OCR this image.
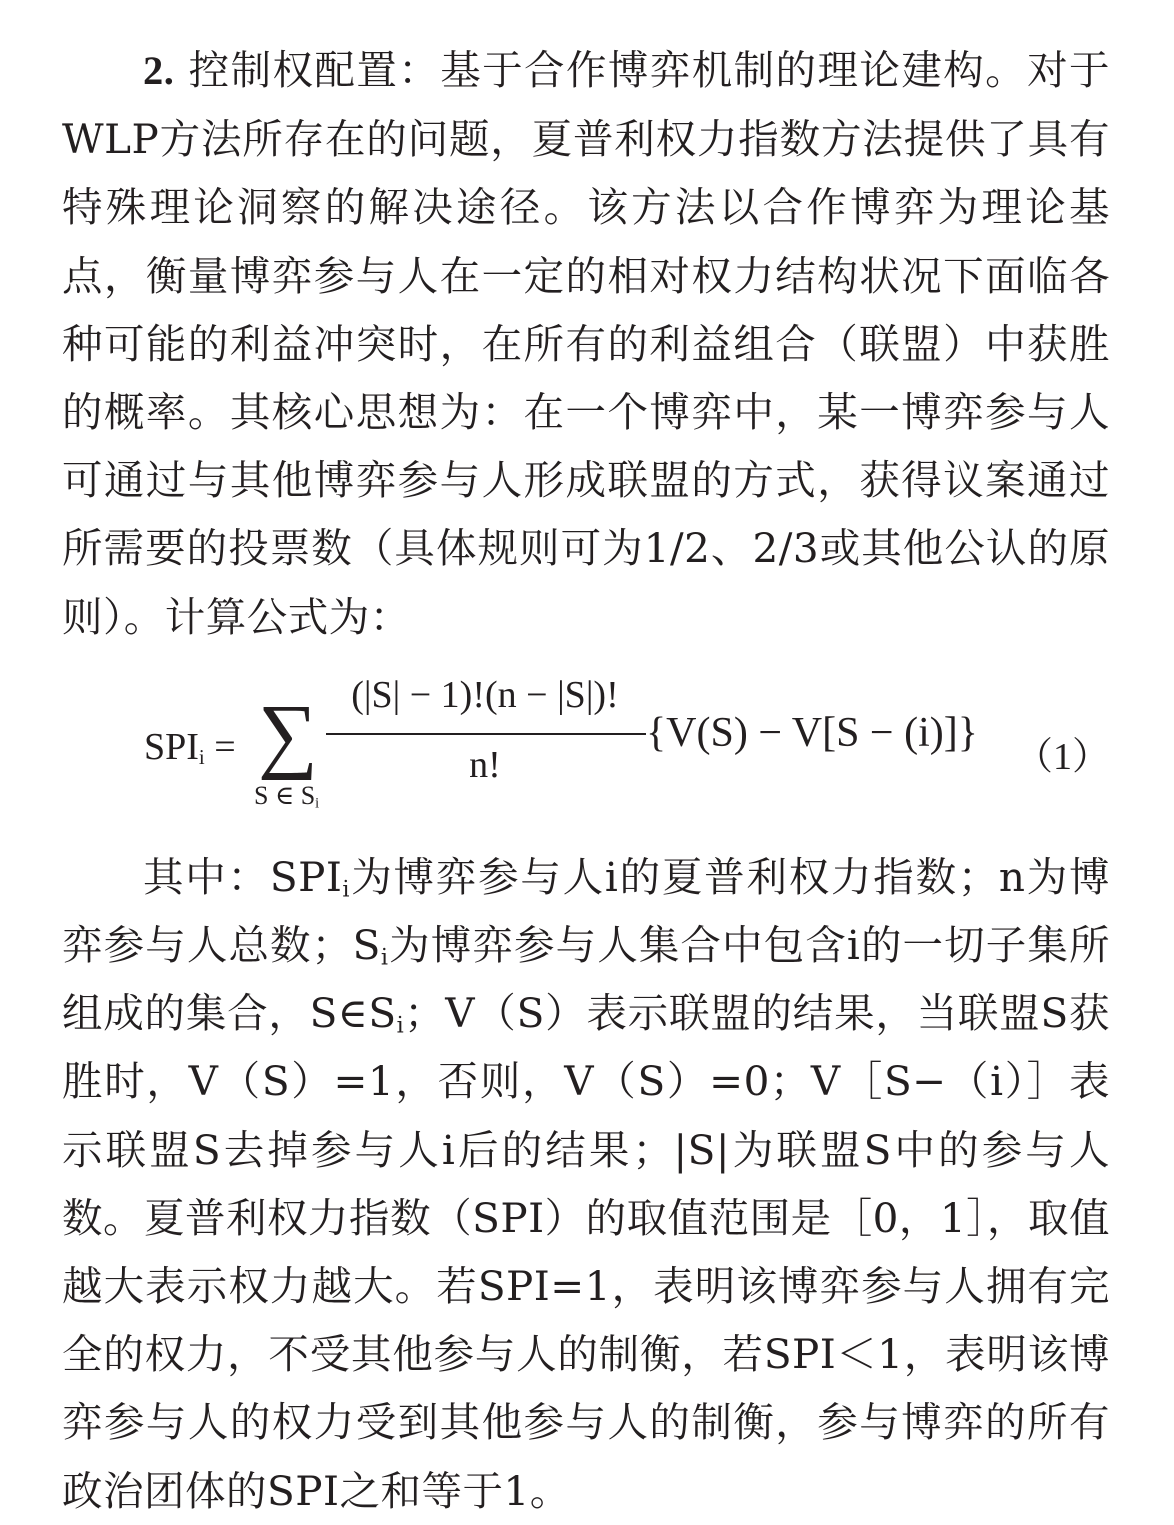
2. 控制权配置：基于合作博弈机制的理论建构。对于WLP方法所存在的问题，夏普利权力指数方法提供了具有特殊理论洞察的解决途径。该方法以合作博弈为理论基点，衡量博弈参与人在一定的相对权力结构状况下面临各种可能的利益冲突时，在所有的利益组合（联盟）中获胜的概率。其核心思想为：在一个博弈中，某一博弈参与人可通过与其他博弈参与人形成联盟的方式，获得议案通过所需要的投票数（具体规则可为1/2、2/3或其他公认的原则）。计算公式为：

$SPI_i$ = ∑
S ∈ $S_i$
(|S| − 1)!(n − |S|)!
n!
{V(S) − V[S − (i)]}
（1）

其中：$SPI_i$为博弈参与人i的夏普利权力指数；n为博弈参与人总数；$S_i$为博弈参与人集合中包含i的一切子集所组成的集合，$S\in S_i$；V（S）表示联盟的结果，当联盟S获胜时，V（S）=1，否则，V（S）=0；V［S−（i）］表示联盟S去掉参与人i后的结果；|S|为联盟S中的参与人数。夏普利权力指数（SPI）的取值范围是［0，1］，取值越大表示权力越大。若SPI=1，表明该博弈参与人拥有完全的权力，不受其他参与人的制衡，若SPI＜1，表明该博弈参与人的权力受到其他参与人的制衡，参与博弈的所有政治团体的SPI之和等于1。
